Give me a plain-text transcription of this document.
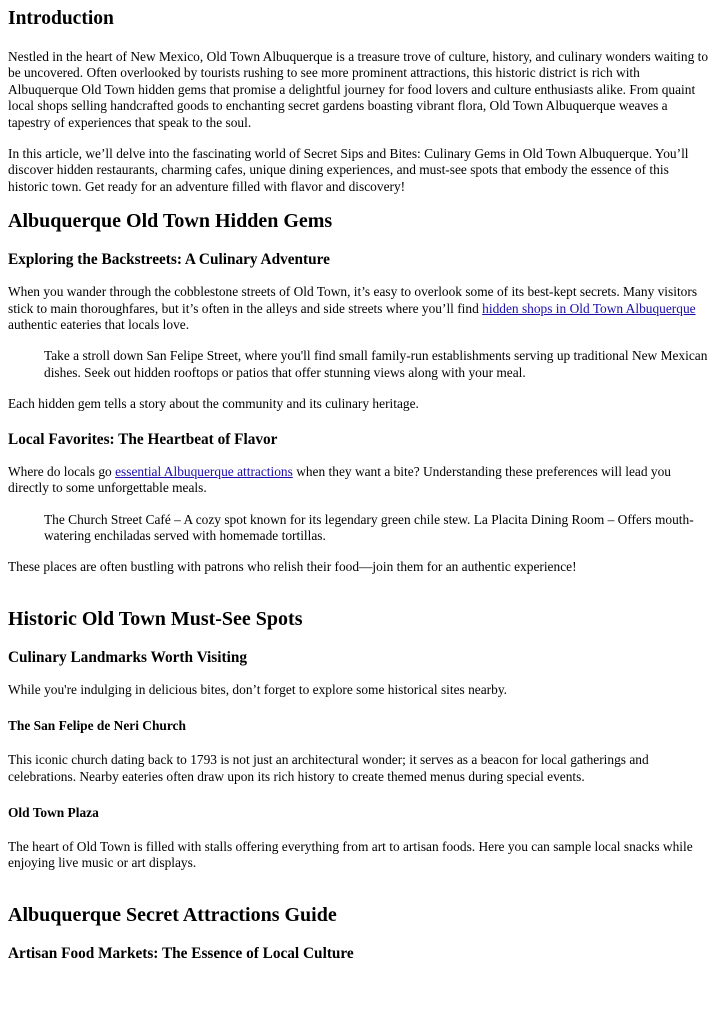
Introduction

Nestled in the heart of New Mexico, Old Town Albuquerque is a treasure trove of culture, history, and culinary wonders waiting to be uncovered. Often overlooked by tourists rushing to see more prominent attractions, this historic district is rich with Albuquerque Old Town hidden gems that promise a delightful journey for food lovers and culture enthusiasts alike. From quaint local shops selling handcrafted goods to enchanting secret gardens boasting vibrant flora, Old Town Albuquerque weaves a tapestry of experiences that speak to the soul.

In this article, we’ll delve into the fascinating world of Secret Sips and Bites: Culinary Gems in Old Town Albuquerque. You’ll discover hidden restaurants, charming cafes, unique dining experiences, and must-see spots that embody the essence of this historic town. Get ready for an adventure filled with flavor and discovery!

Albuquerque Old Town Hidden Gems
Exploring the Backstreets: A Culinary Adventure

When you wander through the cobblestone streets of Old Town, it’s easy to overlook some of its best-kept secrets. Many visitors stick to main thoroughfares, but it’s often in the alleys and side streets where you’ll find hidden shops in Old Town Albuquerque authentic eateries that locals love.

Take a stroll down San Felipe Street, where you'll find small family-run establishments serving up traditional New Mexican dishes. Seek out hidden rooftops or patios that offer stunning views along with your meal.

Each hidden gem tells a story about the community and its culinary heritage.

Local Favorites: The Heartbeat of Flavor

Where do locals go essential Albuquerque attractions when they want a bite? Understanding these preferences will lead you directly to some unforgettable meals.

The Church Street Café – A cozy spot known for its legendary green chile stew. La Placita Dining Room – Offers mouth-watering enchiladas served with homemade tortillas.

These places are often bustling with patrons who relish their food—join them for an authentic experience!

Historic Old Town Must-See Spots
Culinary Landmarks Worth Visiting

While you're indulging in delicious bites, don’t forget to explore some historical sites nearby.

The San Felipe de Neri Church

This iconic church dating back to 1793 is not just an architectural wonder; it serves as a beacon for local gatherings and celebrations. Nearby eateries often draw upon its rich history to create themed menus during special events.

Old Town Plaza

The heart of Old Town is filled with stalls offering everything from art to artisan foods. Here you can sample local snacks while enjoying live music or art displays.

Albuquerque Secret Attractions Guide
Artisan Food Markets: The Essence of Local Culture
